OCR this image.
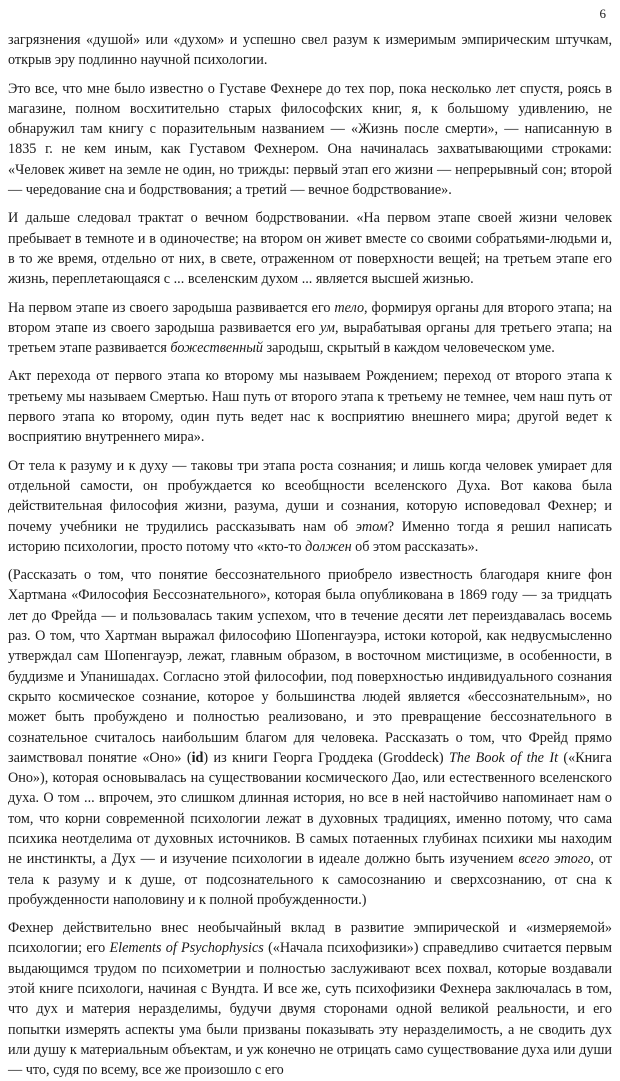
6

загрязнения «душой» или «духом» и успешно свел разум к измеримым эмпирическим штучкам, открыв эру подлинно научной психологии.

Это все, что мне было известно о Густаве Фехнере до тех пор, пока несколько лет спустя, роясь в магазине, полном восхитительно старых философских книг, я, к большому удивлению, не обнаружил там книгу с поразительным названием — «Жизнь после смерти», — написанную в 1835 г. не кем иным, как Густавом Фехнером. Она начиналась захватывающими строками: «Человек живет на земле не один, но трижды: первый этап его жизни — непрерывный сон; второй — чередование сна и бодрствования; а третий — вечное бодрствование».

И дальше следовал трактат о вечном бодрствовании. «На первом этапе своей жизни человек пребывает в темноте и в одиночестве; на втором он живет вместе со своими собратьями-людьми и, в то же время, отдельно от них, в свете, отраженном от поверхности вещей; на третьем этапе его жизнь, переплетающаяся с ... вселенским духом ... является высшей жизнью.

На первом этапе из своего зародыша развивается его тело, формируя органы для второго этапа; на втором этапе из своего зародыша развивается его ум, вырабатывая органы для третьего этапа; на третьем этапе развивается божественный зародыш, скрытый в каждом человеческом уме.

Акт перехода от первого этапа ко второму мы называем Рождением; переход от второго этапа к третьему мы называем Смертью. Наш путь от второго этапа к третьему не темнее, чем наш путь от первого этапа ко второму, один путь ведет нас к восприятию внешнего мира; другой ведет к восприятию внутреннего мира».

От тела к разуму и к духу — таковы три этапа роста сознания; и лишь когда человек умирает для отдельной самости, он пробуждается ко всеобщности вселенского Духа. Вот какова была действительная философия жизни, разума, души и сознания, которую исповедовал Фехнер; и почему учебники не трудились рассказывать нам об этом? Именно тогда я решил написать историю психологии, просто потому что «кто-то должен об этом рассказать».

(Рассказать о том, что понятие бессознательного приобрело известность благодаря книге фон Хартмана «Философия Бессознательного», которая была опубликована в 1869 году — за тридцать лет до Фрейда — и пользовалась таким успехом, что в течение десяти лет переиздавалась восемь раз. О том, что Хартман выражал философию Шопенгауэра, истоки которой, как недвусмысленно утверждал сам Шопенгауэр, лежат, главным образом, в восточном мистицизме, в особенности, в буддизме и Упанишадах. Согласно этой философии, под поверхностью индивидуального сознания скрыто космическое сознание, которое у большинства людей является «бессознательным», но может быть пробуждено и полностью реализовано, и это превращение бессознательного в сознательное считалось наибольшим благом для человека. Рассказать о том, что Фрейд прямо заимствовал понятие «Оно» (id) из книги Георга Гроддека (Groddeck) The Book of the It («Книга Оно»), которая основывалась на существовании космического Дао, или естественного вселенского духа. О том ... впрочем, это слишком длинная история, но все в ней настойчиво напоминает нам о том, что корни современной психологии лежат в духовных традициях, именно потому, что сама психика неотделима от духовных источников. В самых потаенных глубинах психики мы находим не инстинкты, а Дух — и изучение психологии в идеале должно быть изучением всего этого, от тела к разуму и к душе, от подсознательного к самосознанию и сверхсознанию, от сна к пробужденности наполовину и к полной пробужденности.)

Фехнер действительно внес необычайный вклад в развитие эмпирической и «измеряемой» психологии; его Elements of Psychophysics («Начала психофизики») справедливо считается первым выдающимся трудом по психометрии и полностью заслуживают всех похвал, которые воздавали этой книге психологи, начиная с Вундта. И все же, суть психофизики Фехнера заключалась в том, что дух и материя неразделимы, будучи двумя сторонами одной великой реальности, и его попытки измерять аспекты ума были призваны показывать эту неразделимость, а не сводить дух или душу к материальным объектам, и уж конечно не отрицать само существование духа или души — что, судя по всему, все же произошло с его
